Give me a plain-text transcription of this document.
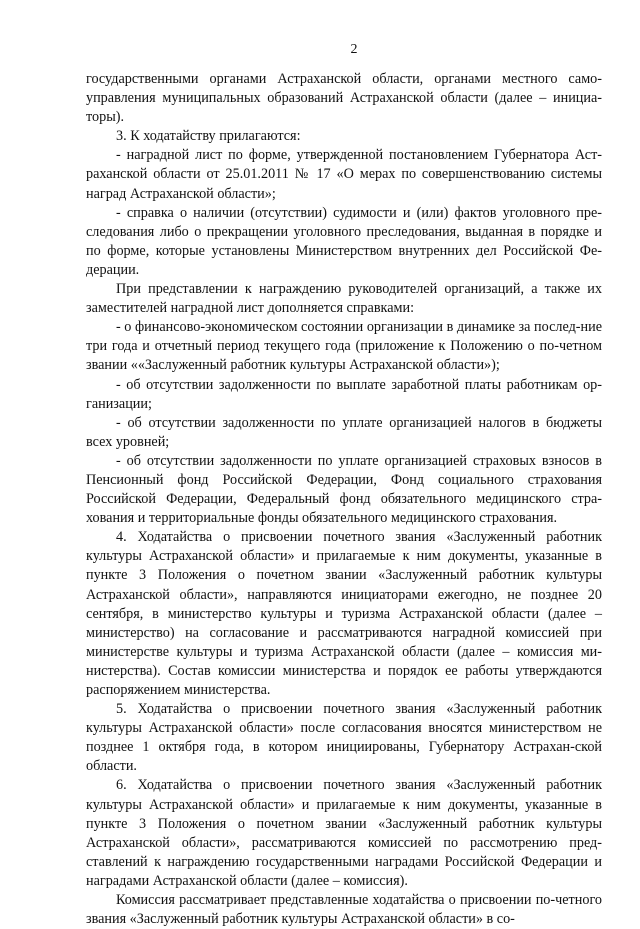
2

государственными органами Астраханской области, органами местного само-управления муниципальных образований Астраханской области (далее – инициа-торы).

3. К ходатайству прилагаются:

- наградной лист по форме, утвержденной постановлением Губернатора Аст-раханской области от 25.01.2011 № 17 «О мерах по совершенствованию системы наград Астраханской области»;

- справка о наличии (отсутствии) судимости и (или) фактов уголовного пре-следования либо о прекращении уголовного преследования, выданная в порядке и по форме, которые установлены Министерством внутренних дел Российской Фе-дерации.

При представлении к награждению руководителей организаций, а также их заместителей наградной лист дополняется справками:

- о финансово-экономическом состоянии организации в динамике за послед-ние три года и отчетный период текущего года (приложение к Положению о по-четном звании ««Заслуженный работник культуры Астраханской области»);

- об отсутствии задолженности по выплате заработной платы работникам ор-ганизации;

- об отсутствии задолженности по уплате организацией налогов в бюджеты всех уровней;

- об отсутствии задолженности по уплате организацией страховых взносов в Пенсионный фонд Российской Федерации, Фонд социального страхования Российской Федерации, Федеральный фонд обязательного медицинского стра-хования и территориальные фонды обязательного медицинского страхования.

4. Ходатайства о присвоении почетного звания «Заслуженный работник культуры Астраханской области» и прилагаемые к ним документы, указанные в пункте 3 Положения о почетном звании «Заслуженный работник культуры Астраханской области», направляются инициаторами ежегодно, не позднее 20 сентября, в министерство культуры и туризма Астраханской области (далее – министерство) на согласование и рассматриваются наградной комиссией при министерстве культуры и туризма Астраханской области (далее – комиссия ми-нистерства). Состав комиссии министерства и порядок ее работы утверждаются распоряжением министерства.

5. Ходатайства о присвоении почетного звания «Заслуженный работник культуры Астраханской области» после согласования вносятся министерством не позднее 1 октября года, в котором инициированы, Губернатору Астрахан-ской области.

6. Ходатайства о присвоении почетного звания «Заслуженный работник культуры Астраханской области» и прилагаемые к ним документы, указанные в пункте 3 Положения о почетном звании «Заслуженный работник культуры Астраханской области», рассматриваются комиссией по рассмотрению пред-ставлений к награждению государственными наградами Российской Федерации и наградами Астраханской области (далее – комиссия).

Комиссия рассматривает представленные ходатайства о присвоении по-четного звания «Заслуженный работник культуры Астраханской области» в со-
